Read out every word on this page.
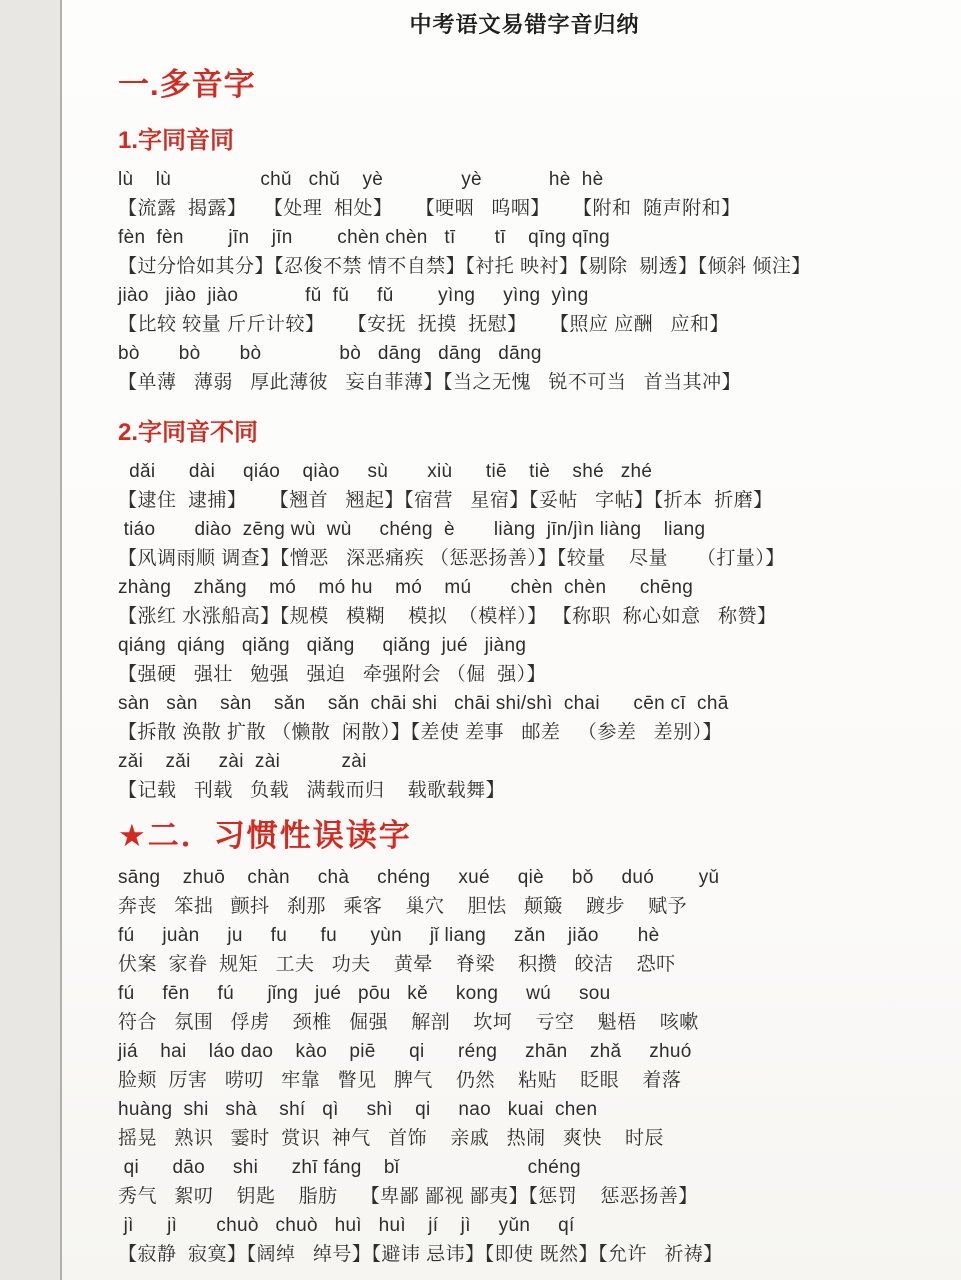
中考语文易错字音归纳
一.多音字
1.字同音同
lù    lù                chǔ   chǔ    yè              yè            hè  hè
【流露  揭露】   【处理  相处】    【哽咽   呜咽】    【附和  随声附和】
fèn  fèn        jīn    jīn        chèn chèn   tī       tī    qīng qīng
【过分恰如其分】【忍俊不禁 情不自禁】【衬托 映衬】【剔除  剔透】【倾斜 倾注】
jiào   jiào  jiào            fǔ  fǔ     fǔ        yìng     yìng  yìng
【比较 较量 斤斤计较】    【安抚  抚摸  抚慰】    【照应 应酬   应和】
bò       bò       bò              bò   dāng   dāng   dāng
【单薄   薄弱   厚此薄彼   妄自菲薄】【当之无愧   锐不可当   首当其冲】
2.字同音不同
dǎi      dài     qiáo    qiào     sù       xiù      tiē    tiè    shé   zhé
【逮住  逮捕】    【翘首   翘起】【宿营   星宿】【妥帖   字帖】【折本  折磨】
tiáo       diào  zēng wù  wù     chéng  è       liàng  jīn/jìn liàng    liang
【风调雨顺 调查】【憎恶   深恶痛疾 （惩恶扬善）】【较量    尽量     （打量）】
zhàng    zhǎng    mó    mó hu    mó    mú       chèn  chèn      chēng
【涨红 水涨船高】【规模   模糊    模拟  （模样）】 【称职  称心如意   称赞】
qiáng  qiáng   qiǎng   qiǎng     qiǎng  jué   jiàng
【强硬   强壮   勉强   强迫   牵强附会 （倔  强）】
sàn   sàn    sàn    sǎn    sǎn  chāi shi   chāi shi/shì  chai      cēn cī  chā
【拆散 涣散 扩散 （懒散  闲散）】【差使 差事   邮差   （参差   差别）】
zǎi    zǎi     zài  zài           zài
【记载   刊载   负载   满载而归    载歌载舞】
★二．习惯性误读字
sāng    zhuō    chàn     chà     chéng     xué     qiè     bǒ     duó        yǔ
奔丧   笨拙   颤抖   刹那   乘客    巢穴    胆怯   颠簸    踱步    赋予
fú     juàn     ju     fu      fu      yùn     jǐ liang     zǎn    jiǎo       hè
伏案  家眷  规矩   工夫   功夫    黄晕    脊梁    积攒   皎洁    恐吓
fú     fēn     fú      jǐng   jué   pōu   kě     kong     wú     sou
符合   氛围   俘虏    颈椎   倔强    解剖    坎坷    亏空    魁梧    咳嗽
jiá    hai    láo dao    kào    piē      qi      réng     zhān    zhǎ     zhuó
脸颊  厉害   唠叨   牢靠   瞥见   脾气    仍然    粘贴    眨眼    着落
huàng  shi   shà    shí   qì     shì    qi     nao   kuai  chen
摇晃   熟识   霎时  赏识  神气   首饰    亲戚   热闹   爽快    时辰
qi      dāo     shi      zhī fáng    bǐ                       chéng
秀气   絮叨    钥匙    脂肪    【卑鄙 鄙视 鄙夷】【惩罚    惩恶扬善】
jì      jì       chuò   chuò   huì   huì    jí    jì     yǔn     qí
【寂静  寂寞】【阔绰   绰号】【避讳 忌讳】【即使 既然】【允许   祈祷】
